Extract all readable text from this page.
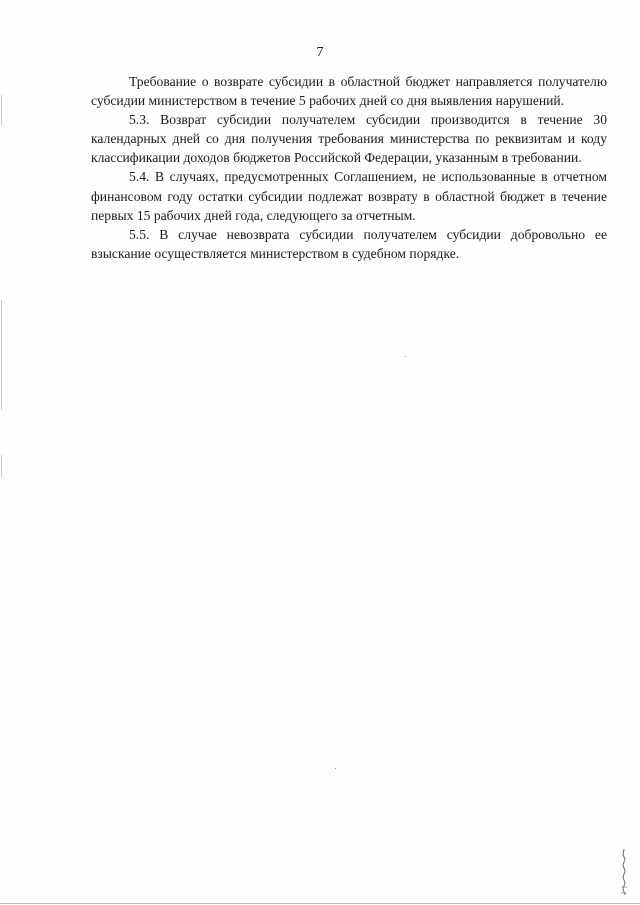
7

Требование о возврате субсидии в областной бюджет направляется получателю субсидии министерством в течение 5 рабочих дней со дня выявления нарушений.

5.3. Возврат субсидии получателем субсидии производится в течение 30 календарных дней со дня получения требования министерства по реквизитам и коду классификации доходов бюджетов Российской Федерации, указанным в требовании.

5.4. В случаях, предусмотренных Соглашением, не использованные в отчетном финансовом году остатки субсидии подлежат возврату в областной бюджет в течение первых 15 рабочих дней года, следующего за отчетным.

5.5. В случае невозврата субсидии получателем субсидии добровольно ее взыскание осуществляется министерством в судебном порядке.
